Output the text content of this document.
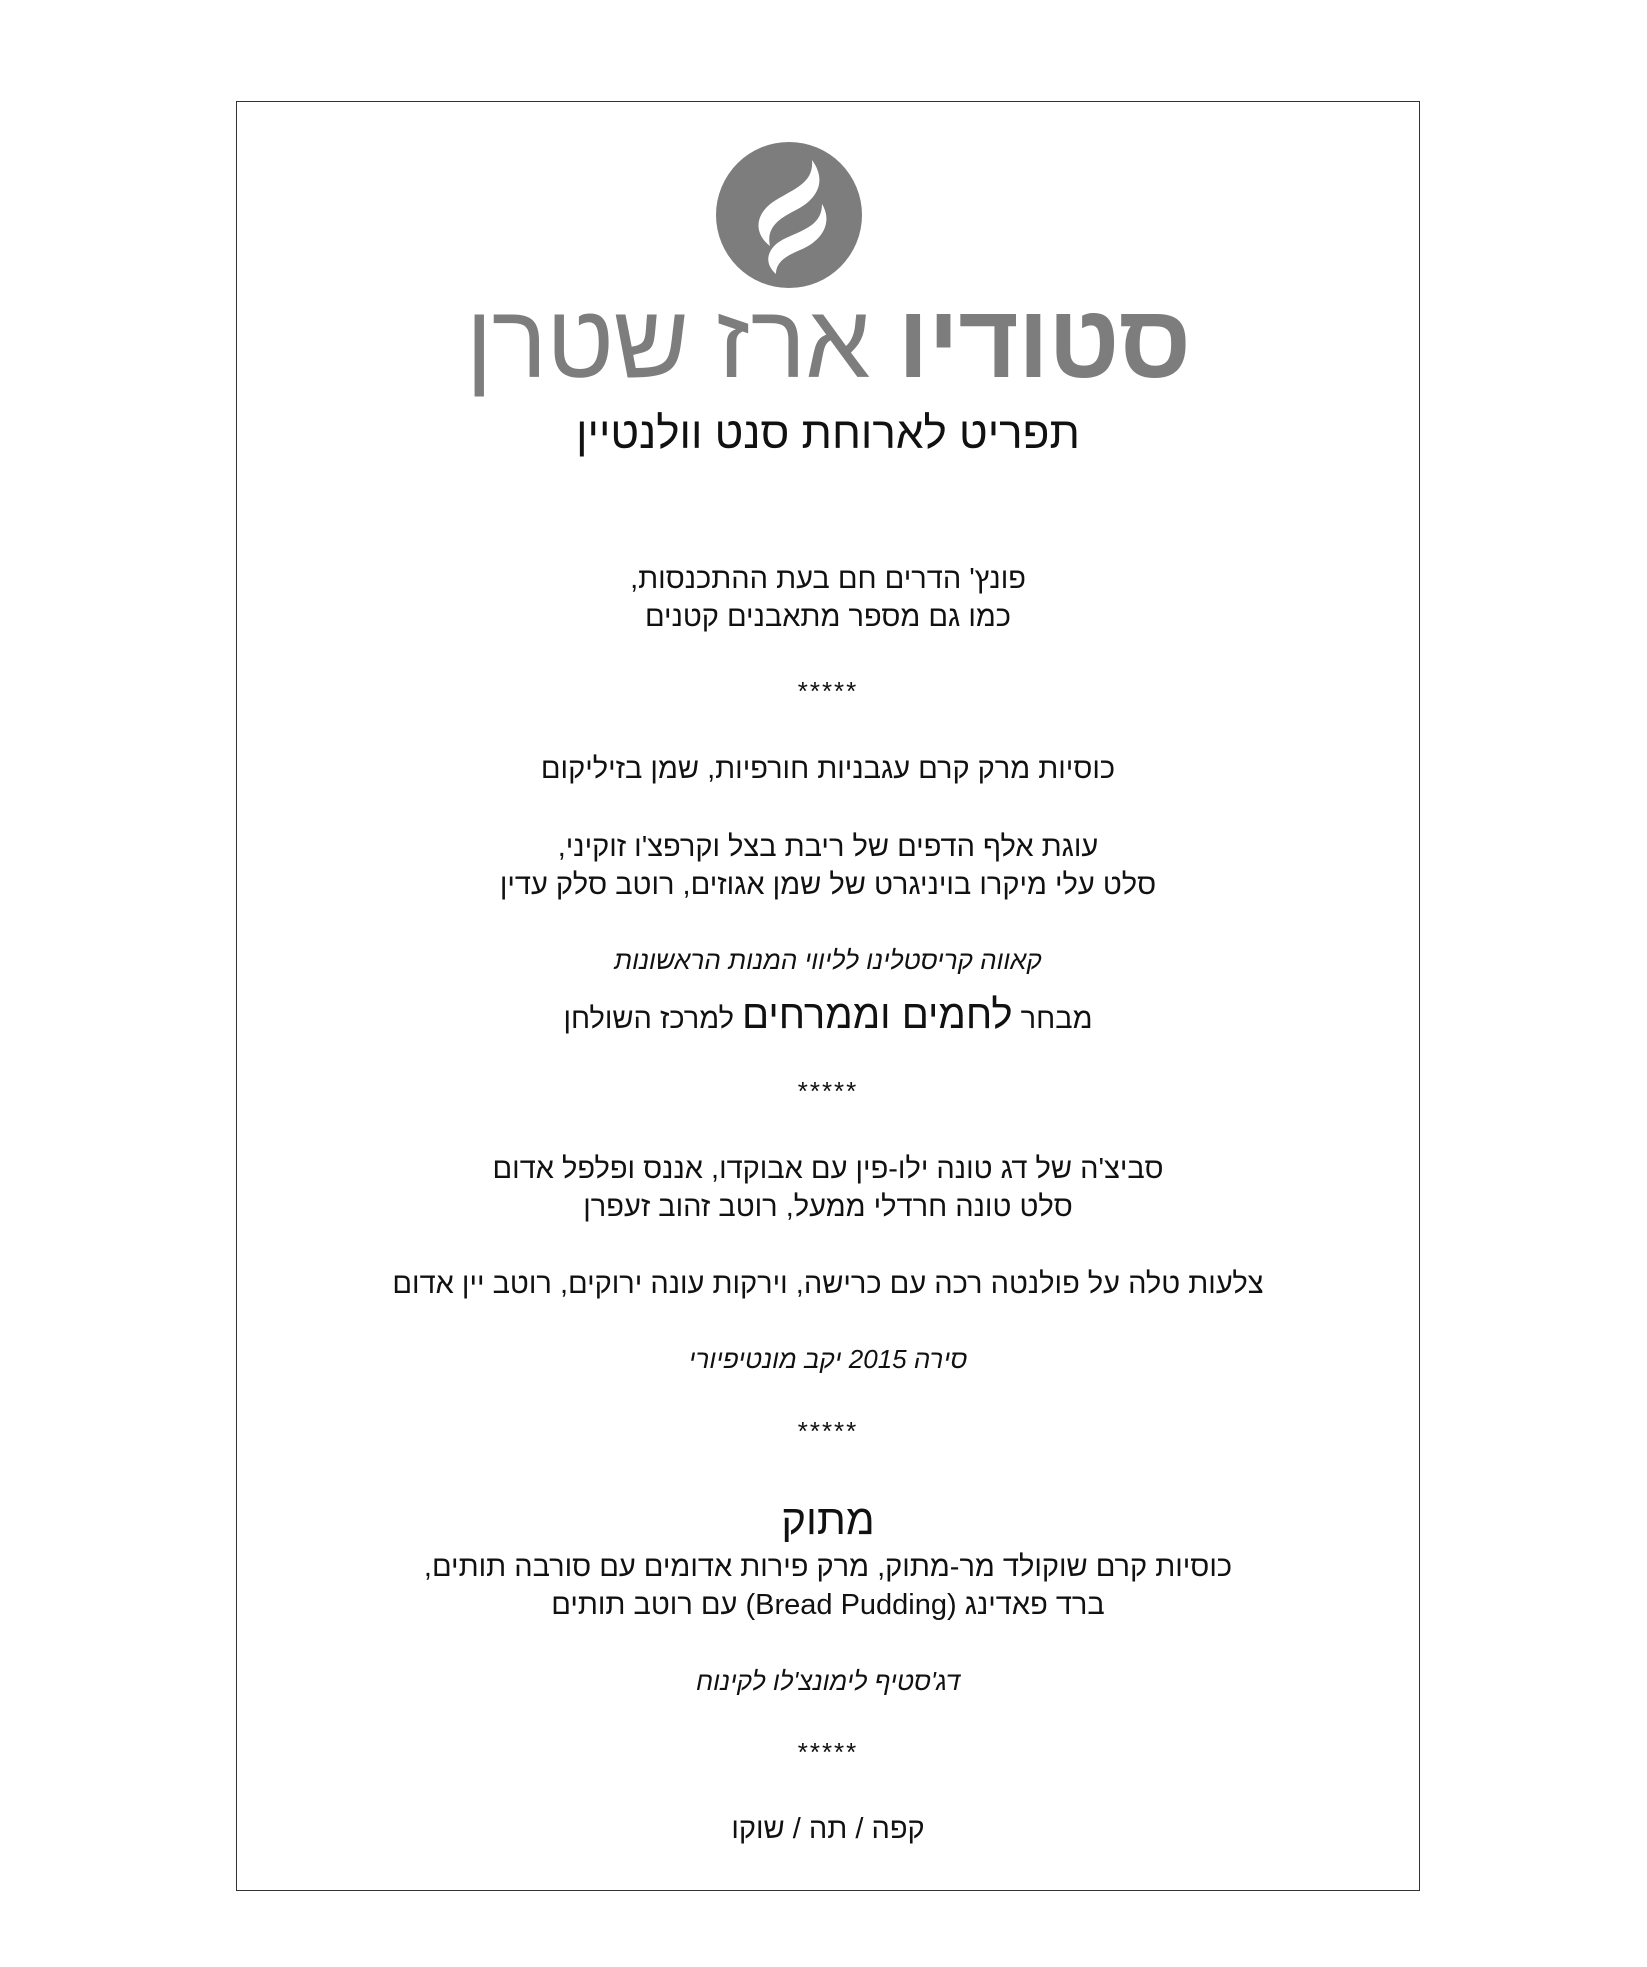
סטודיו ארז שטרן
תפריט לארוחת סנט וולנטיין
פונץ' הדרים חם בעת ההתכנסות,
כמו גם מספר מתאבנים קטנים
*****
כוסיות מרק קרם עגבניות חורפיות, שמן בזיליקום
עוגת אלף הדפים של ריבת בצל וקרפצ'ו זוקיני,
סלט עלי מיקרו בויניגרט של שמן אגוזים, רוטב סלק עדין
קאווה קריסטלינו לליווי המנות הראשונות
מבחר לחמים וממרחים למרכז השולחן
*****
סביצ'ה של דג טונה ילו-פין עם אבוקדו, אננס ופלפל אדום
סלט טונה חרדלי ממעל, רוטב זהוב זעפרן
צלעות טלה על פולנטה רכה עם כרישה, וירקות עונה ירוקים, רוטב יין אדום
סירה 2015 יקב מונטיפיורי
*****
מתוק
כוסיות קרם שוקולד מר-מתוק, מרק פירות אדומים עם סורבה תותים,
ברד פאדינג (Bread Pudding) עם רוטב תותים
דג'סטיף לימונצ'לו לקינוח
*****
קפה / תה / שוקו
